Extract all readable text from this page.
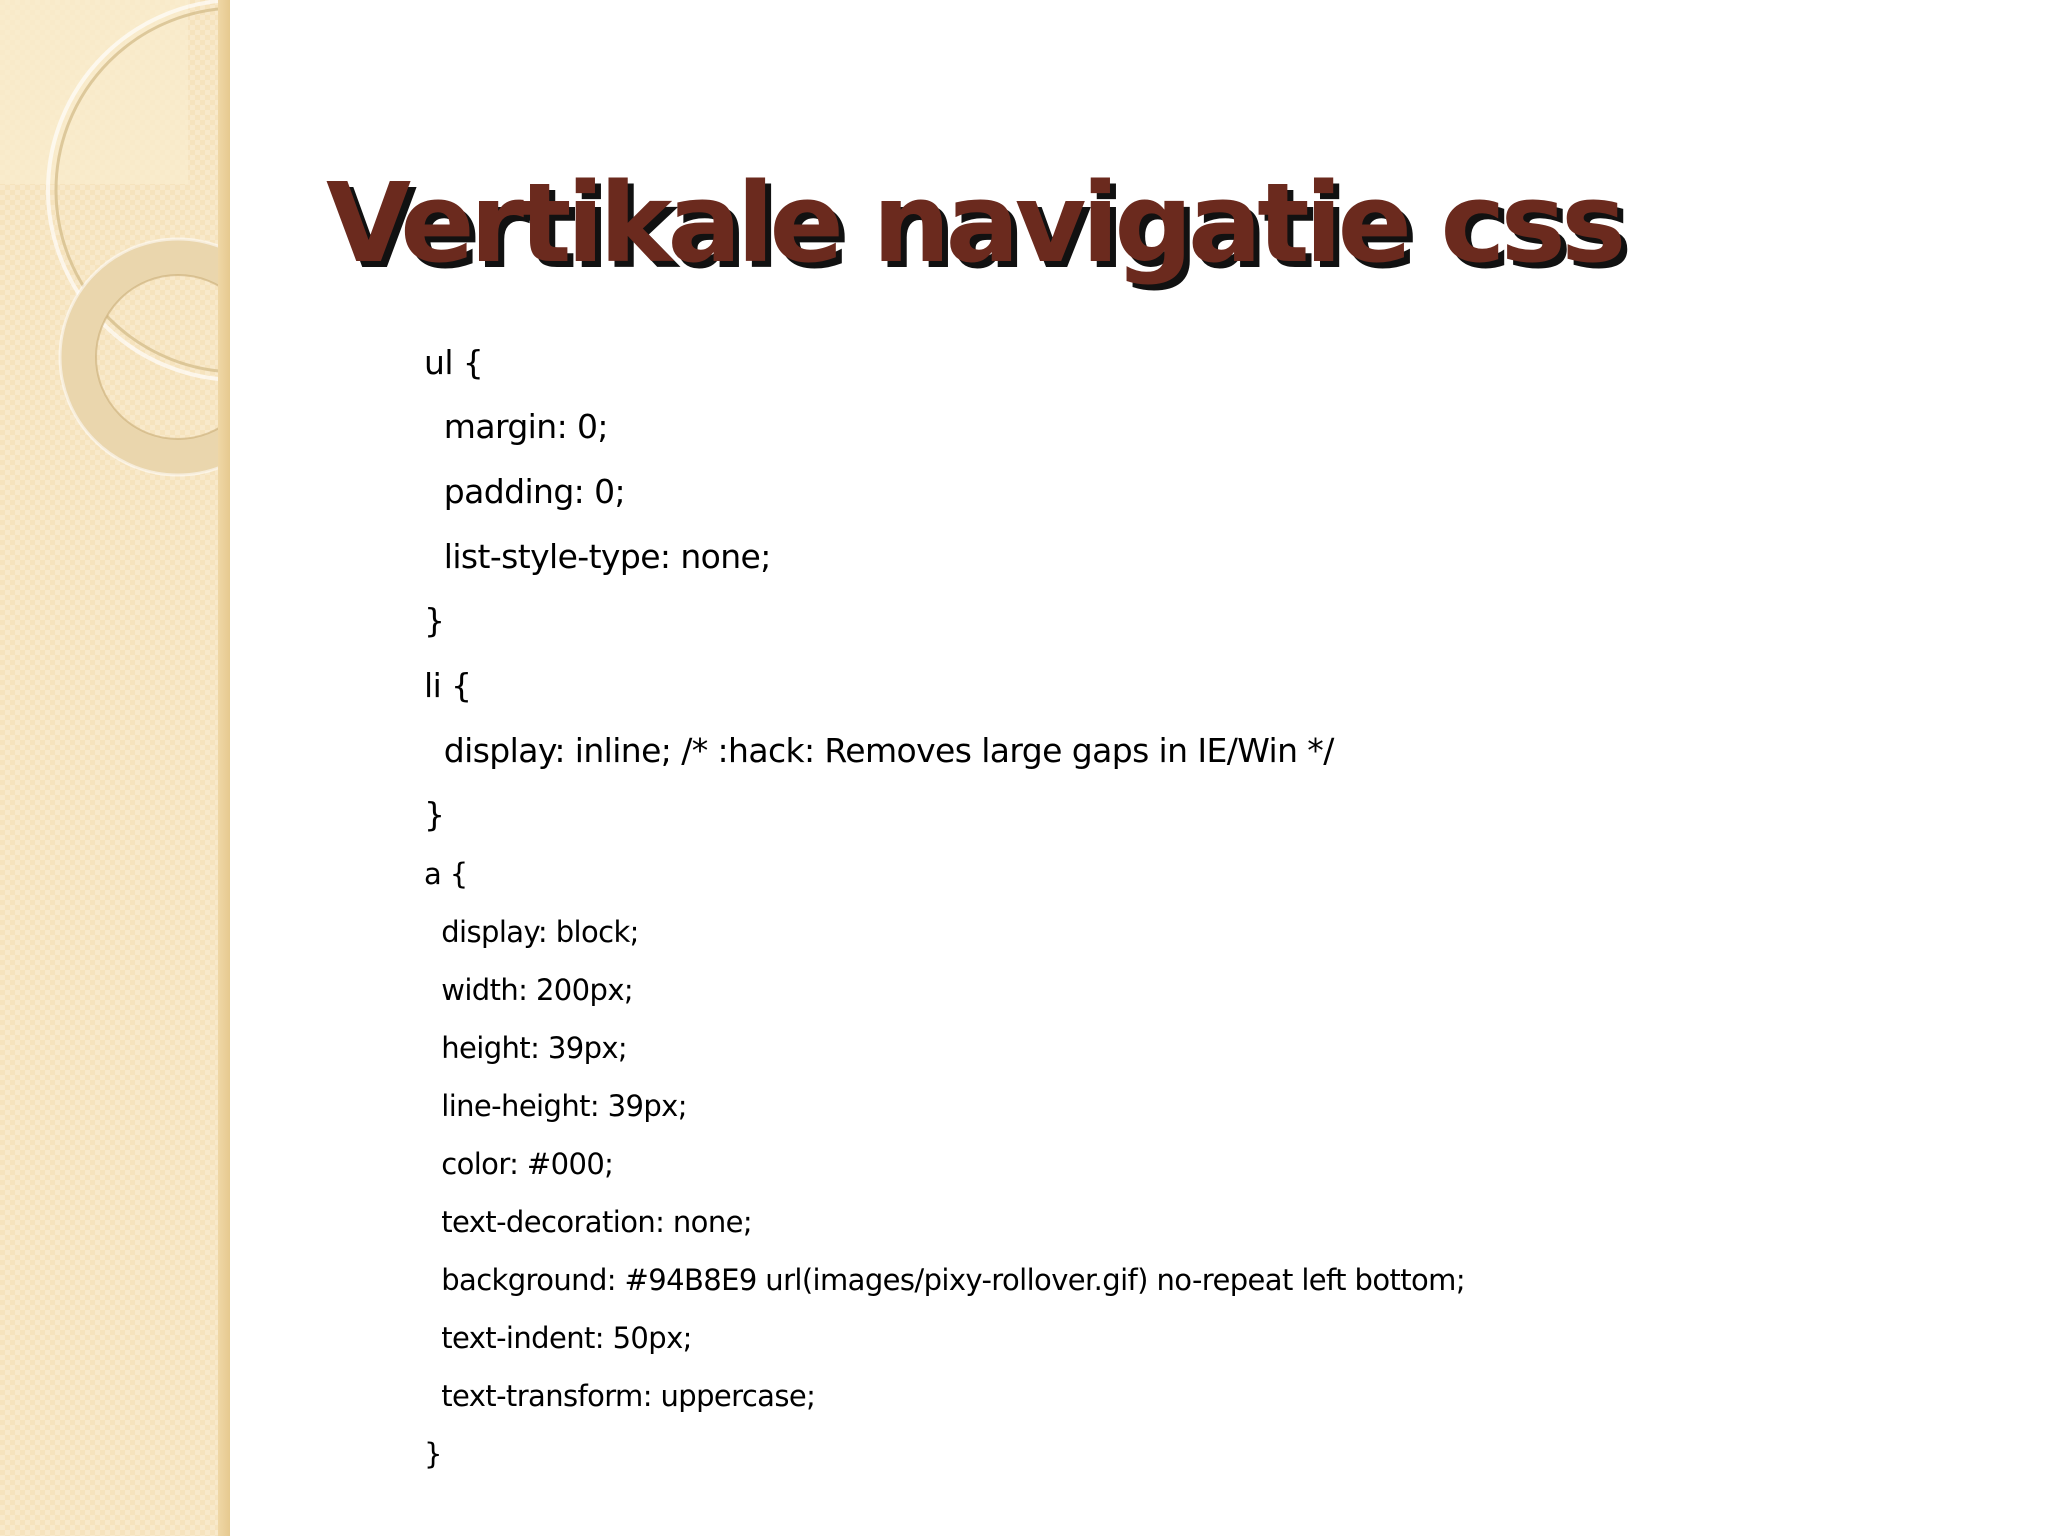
Vertikale navigatie css
ul {
margin: 0;
padding: 0;
list-style-type: none;
}
li {
display: inline; /* :hack: Removes large gaps in IE/Win */
}
a {
display: block;
width: 200px;
height: 39px;
line-height: 39px;
color: #000;
text-decoration: none;
background: #94B8E9 url(images/pixy-rollover.gif) no-repeat left bottom;
text-indent: 50px;
text-transform: uppercase;
}
